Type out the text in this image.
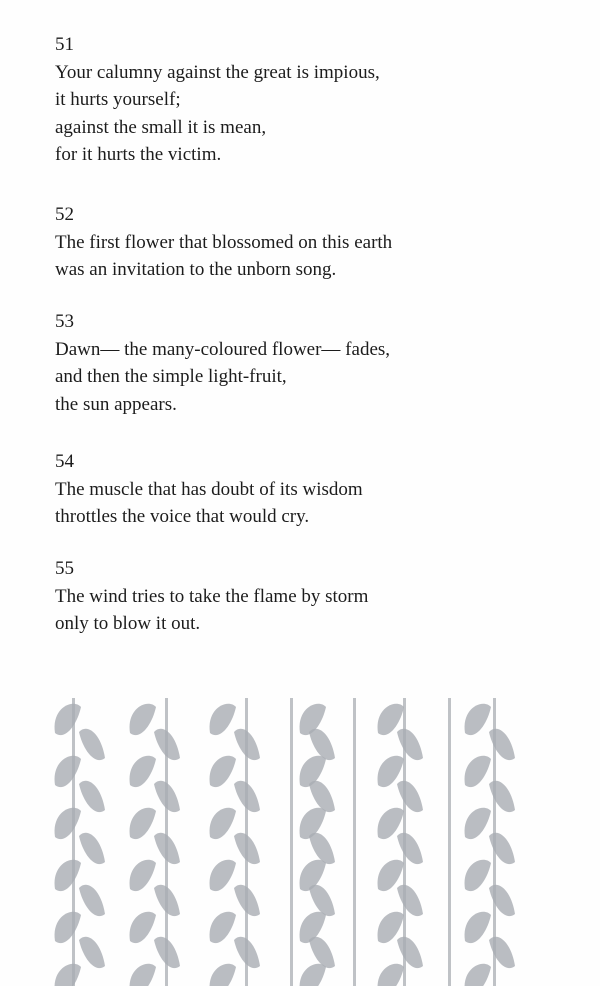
51

Your calumny against the great is impious,

it hurts yourself;

against the small it is mean,

for it hurts the victim.

52

The first flower that blossomed on this earth

was an invitation to the unborn song.

53

Dawn— the many-coloured flower— fades,

and then the simple light-fruit,

the sun appears.

54

The muscle that has doubt of its wisdom

throttles the voice that would cry.

55

The wind tries to take the flame by storm

only to blow it out.
